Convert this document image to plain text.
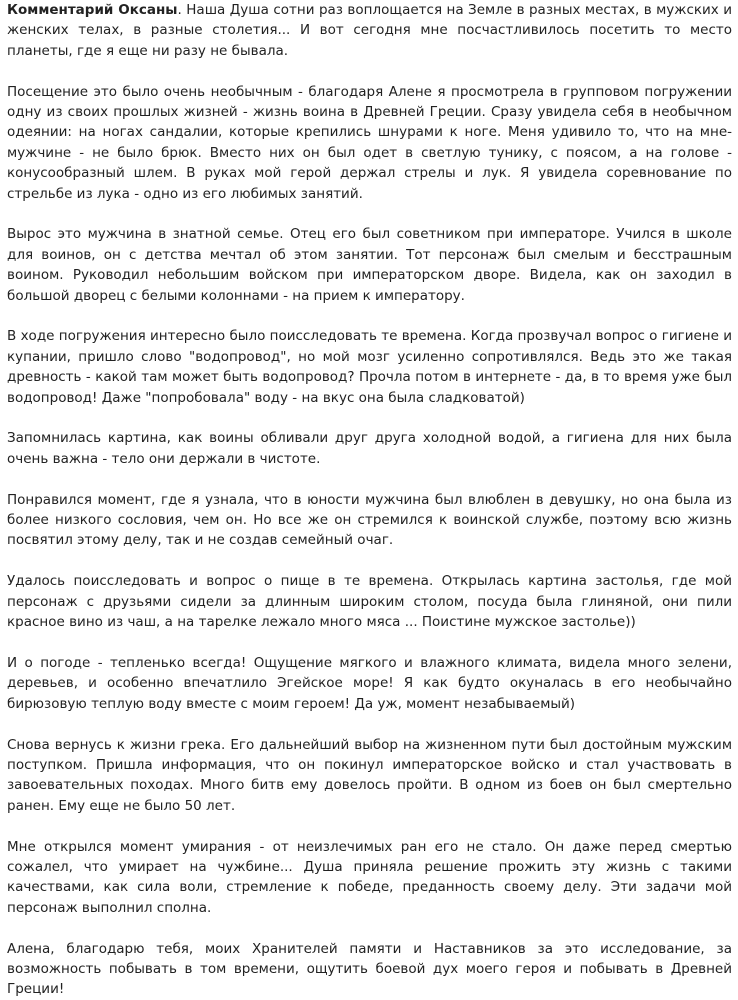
Комментарий Оксаны. Наша Душа сотни раз воплощается на Земле в разных местах, в мужских и женских телах, в разные столетия... И вот сегодня мне посчастливилось посетить то место планеты, где я еще ни разу не бывала.

Посещение это было очень необычным - благодаря Алене я просмотрела в групповом погружении одну из своих прошлых жизней - жизнь воина в Древней Греции. Сразу увидела себя в необычном одеянии: на ногах сандалии, которые крепились шнурами к ноге. Меня удивило то, что на мне-мужчине - не было брюк. Вместо них он был одет в светлую тунику, с поясом, а на голове - конусообразный шлем. В руках мой герой держал стрелы и лук. Я увидела соревнование по стрельбе из лука - одно из его любимых занятий.

Вырос это мужчина в знатной семье. Отец его был советником при императоре. Учился в школе для воинов, он с детства мечтал об этом занятии. Тот персонаж был смелым и бесстрашным воином. Руководил небольшим войском при императорском дворе. Видела, как он заходил в большой дворец с белыми колоннами - на прием к императору.

В ходе погружения интересно было поисследовать те времена. Когда прозвучал вопрос о гигиене и купании, пришло слово "водопровод", но мой мозг усиленно сопротивлялся. Ведь это же такая древность - какой там может быть водопровод? Прочла потом в интернете - да, в то время уже был водопровод! Даже "попробовала" воду - на вкус она была сладковатой)

Запомнилась картина, как воины обливали друг друга холодной водой, а гигиена для них была очень важна - тело они держали в чистоте.

Понравился момент, где я узнала, что в юности мужчина был влюблен в девушку, но она была из более низкого сословия, чем он. Но все же он стремился к воинской службе, поэтому всю жизнь посвятил этому делу, так и не создав семейный очаг.

Удалось поисследовать и вопрос о пище в те времена. Открылась картина застолья, где мой персонаж с друзьями сидели за длинным широким столом, посуда была глиняной, они пили красное вино из чаш, а на тарелке лежало много мяса ... Поистине мужское застолье))

И о погоде - тепленько всегда! Ощущение мягкого и влажного климата, видела много зелени, деревьев, и особенно впечатлило Эгейское море! Я как будто окуналась в его необычайно бирюзовую теплую воду вместе с моим героем! Да уж, момент незабываемый)

Снова вернусь к жизни грека. Его дальнейший выбор на жизненном пути был достойным мужским поступком. Пришла информация, что он покинул императорское войско и стал участвовать в завоевательных походах. Много битв ему довелось пройти. В одном из боев он был смертельно ранен. Ему еще не было 50 лет.

Мне открылся момент умирания - от неизлечимых ран его не стало. Он даже перед смертью сожалел, что умирает на чужбине... Душа приняла решение прожить эту жизнь с такими качествами, как сила воли, стремление к победе, преданность своему делу. Эти задачи мой персонаж выполнил сполна.

Алена, благодарю тебя, моих Хранителей памяти и Наставников за это исследование, за возможность побывать в том времени, ощутить боевой дух моего героя и побывать в Древней Греции!
